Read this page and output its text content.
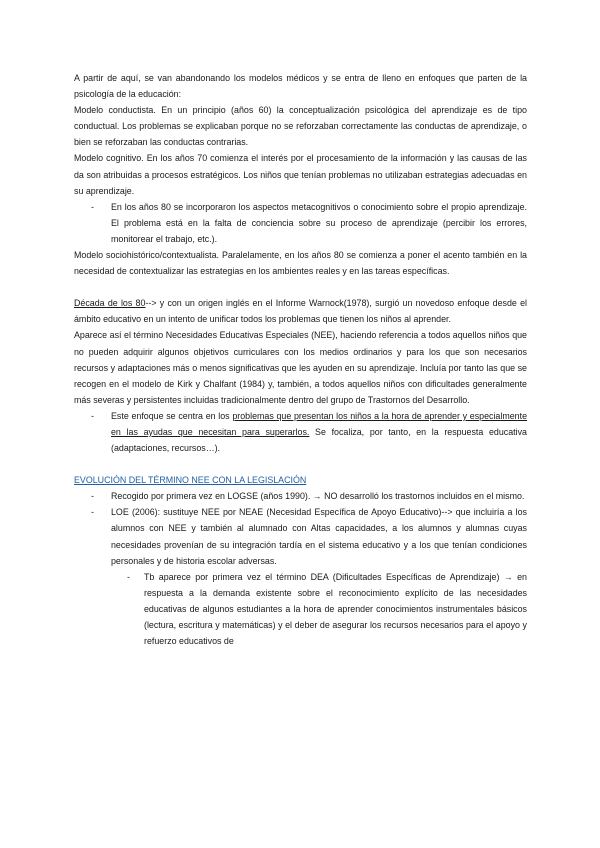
A partir de aquí, se van abandonando los modelos médicos y se entra de lleno en enfoques que parten de la psicología de la educación:

Modelo conductista. En un principio (años 60) la conceptualización psicológica del aprendizaje es de tipo conductual. Los problemas se explicaban porque no se reforzaban correctamente las conductas de aprendizaje, o bien se reforzaban las conductas contrarias.

Modelo cognitivo. En los años 70 comienza el interés por el procesamiento de la información y las causas de las da son atribuidas a procesos estratégicos. Los niños que tenían problemas no utilizaban estrategias adecuadas en su aprendizaje.

- En los años 80 se incorporaron los aspectos metacognitivos o conocimiento sobre el propio aprendizaje. El problema está en la falta de conciencia sobre su proceso de aprendizaje (percibir los errores, monitorear el trabajo, etc.).

Modelo sociohistórico/contextualista. Paralelamente, en los años 80 se comienza a poner el acento también en la necesidad de contextualizar las estrategias en los ambientes reales y en las tareas específicas.

Década de los 80--> y con un origen inglés en el Informe Warnock(1978), surgió un novedoso enfoque desde el ámbito educativo en un intento de unificar todos los problemas que tienen los niños al aprender.

Aparece así el término Necesidades Educativas Especiales (NEE), haciendo referencia a todos aquellos niños que no pueden adquirir algunos objetivos curriculares con los medios ordinarios y para los que son necesarios recursos y adaptaciones más o menos significativas que les ayuden en su aprendizaje. Incluía por tanto las que se recogen en el modelo de Kirk y Chalfant (1984) y, también, a todos aquellos niños con dificultades generalmente más severas y persistentes incluidas tradicionalmente dentro del grupo de Trastornos del Desarrollo.

- Este enfoque se centra en los problemas que presentan los niños a la hora de aprender y especialmente en las ayudas que necesitan para superarlos. Se focaliza, por tanto, en la respuesta educativa (adaptaciones, recursos…).

EVOLUCIÓN DEL TÉRMINO NEE CON LA LEGISLACIÓN

- Recogido por primera vez en LOGSE (años 1990). → NO desarrolló los trastornos incluidos en el mismo.
- LOE (2006): sustituye NEE por NEAE (Necesidad Específica de Apoyo Educativo)--> que incluiría a los alumnos con NEE y también al alumnado con Altas capacidades, a los alumnos y alumnas cuyas necesidades provenían de su integración tardía en el sistema educativo y a los que tenían condiciones personales y de historia escolar adversas.
- Tb aparece por primera vez el término DEA (Dificultades Específicas de Aprendizaje) → en respuesta a la demanda existente sobre el reconocimiento explícito de las necesidades educativas de algunos estudiantes a la hora de aprender conocimientos instrumentales básicos (lectura, escritura y matemáticas) y el deber de asegurar los recursos necesarios para el apoyo y refuerzo educativos de
